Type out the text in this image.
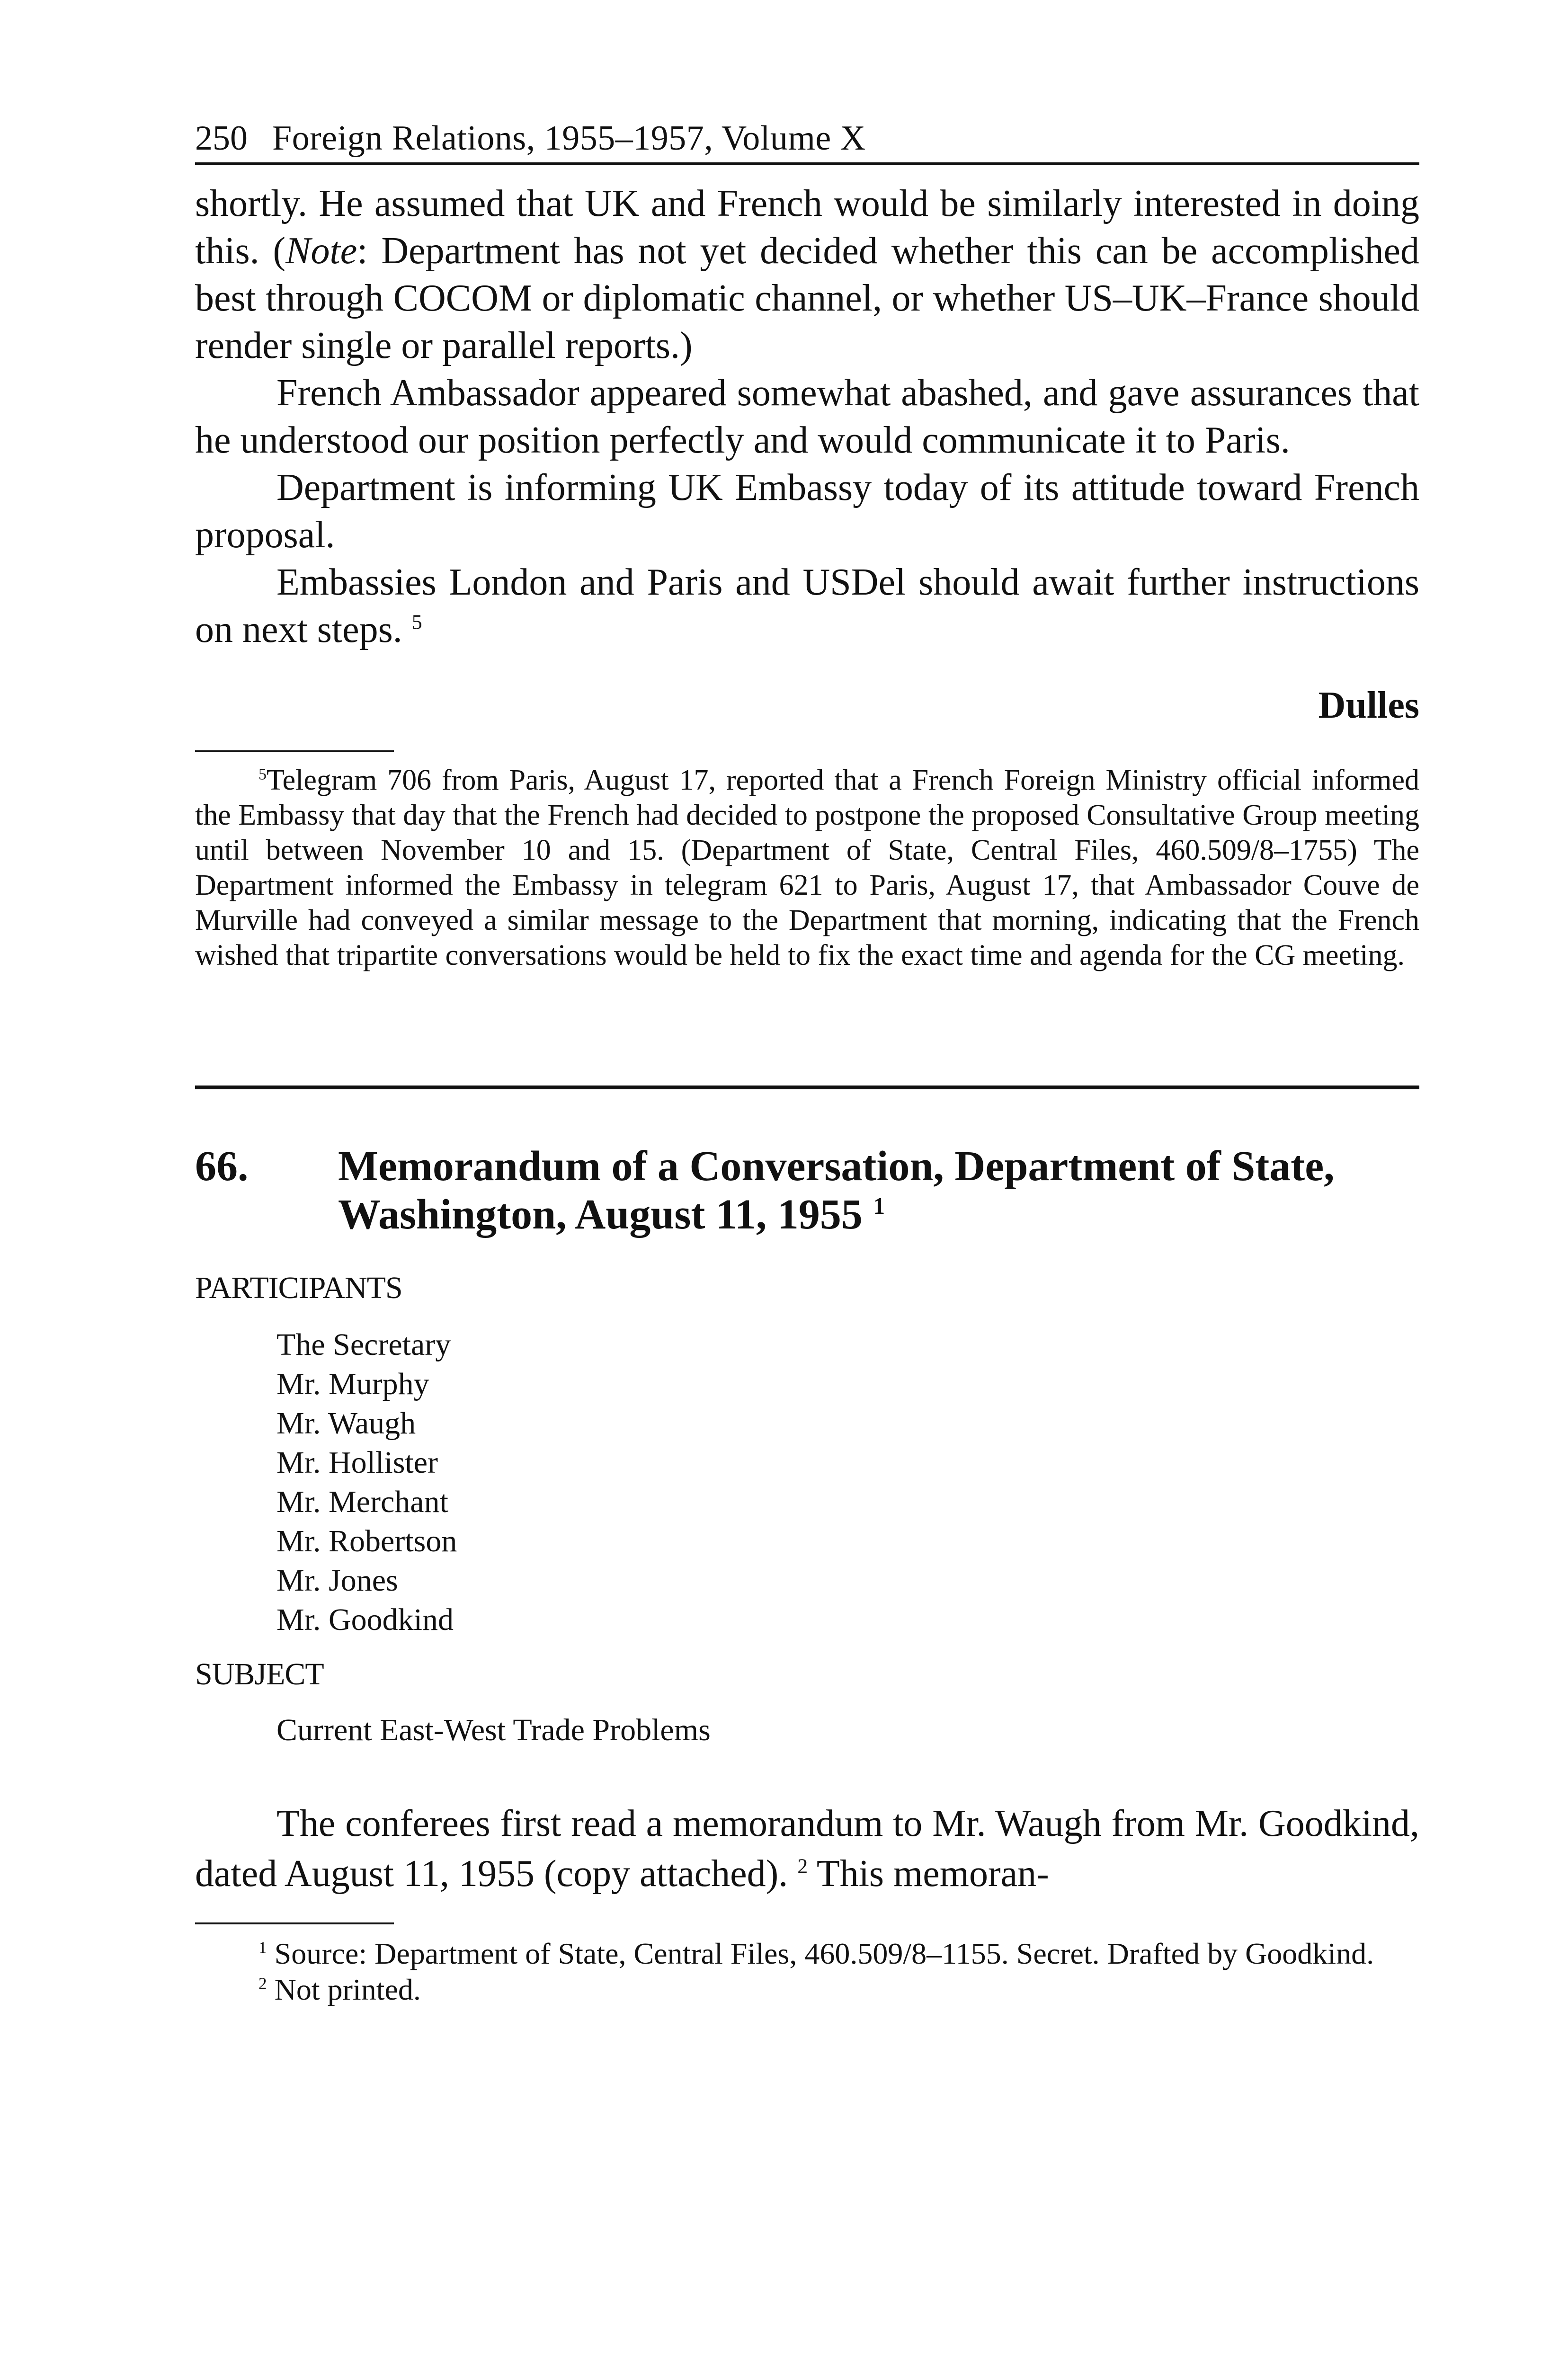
250 Foreign Relations, 1955–1957, Volume X

shortly. He assumed that UK and French would be similarly interested in doing this. (Note: Department has not yet decided whether this can be accomplished best through COCOM or diplomatic channel, or whether US–UK–France should render single or parallel reports.)

French Ambassador appeared somewhat abashed, and gave assurances that he understood our position perfectly and would communicate it to Paris.

Department is informing UK Embassy today of its attitude toward French proposal.

Embassies London and Paris and USDel should await further instructions on next steps. $^5$

Dulles

$^5$Telegram 706 from Paris, August 17, reported that a French Foreign Ministry official informed the Embassy that day that the French had decided to postpone the proposed Consultative Group meeting until between November 10 and 15. (Department of State, Central Files, 460.509/8–1755) The Department informed the Embassy in telegram 621 to Paris, August 17, that Ambassador Couve de Murville had conveyed a similar message to the Department that morning, indicating that the French wished that tripartite conversations would be held to fix the exact time and agenda for the CG meeting.

66.	Memorandum of a Conversation, Department of State, Washington, August 11, 1955 $^1$
PARTICIPANTS
The Secretary
Mr. Murphy
Mr. Waugh
Mr. Hollister
Mr. Merchant
Mr. Robertson
Mr. Jones
Mr. Goodkind
SUBJECT
Current East-West Trade Problems

The conferees first read a memorandum to Mr. Waugh from Mr. Goodkind, dated August 11, 1955 (copy attached). $^2$ This memoran-

$^1$ Source: Department of State, Central Files, 460.509/8–1155. Secret. Drafted by Goodkind.

$^2$ Not printed.
